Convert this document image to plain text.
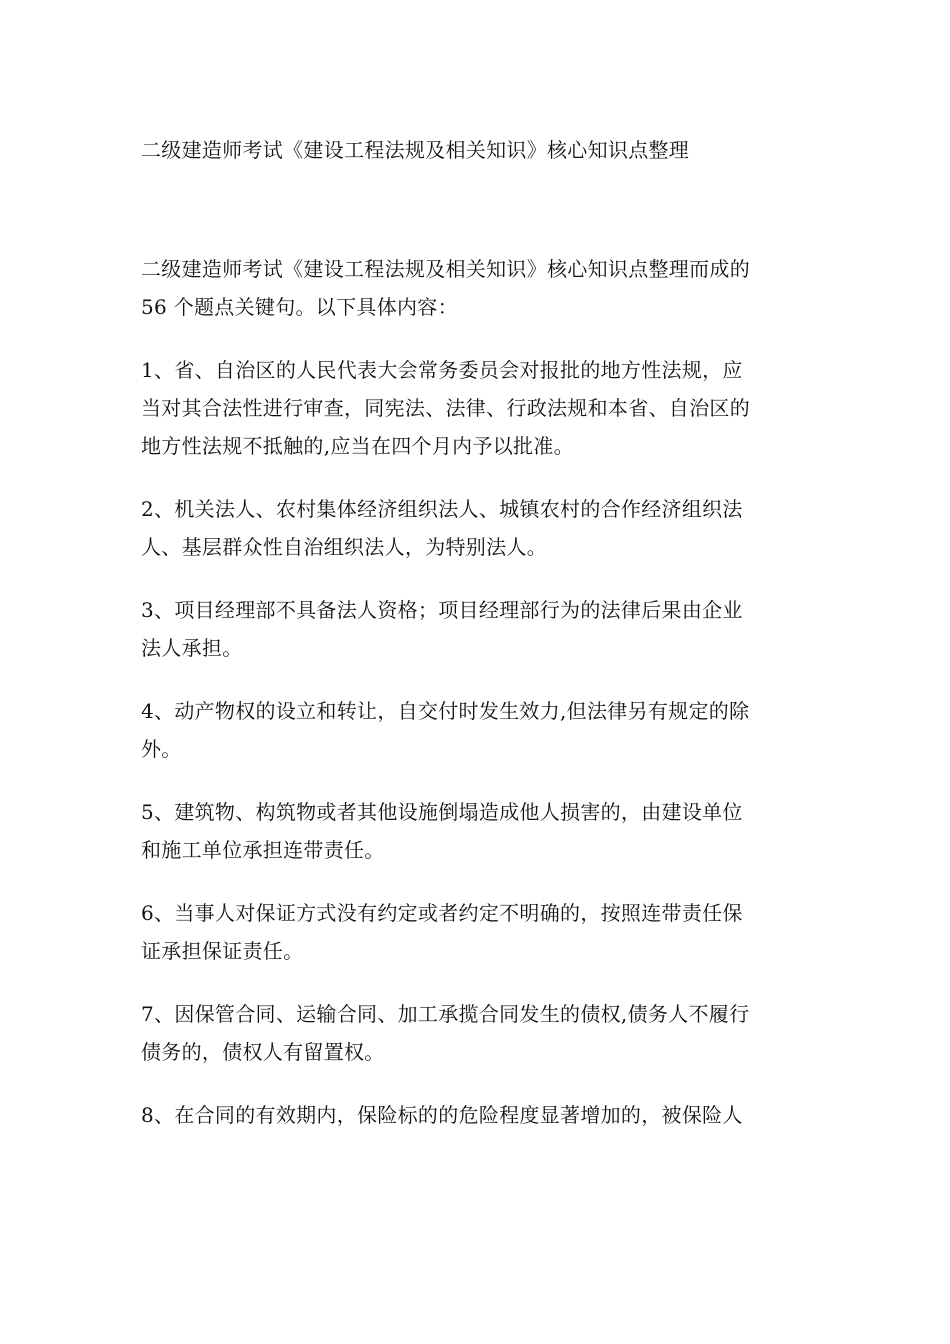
二级建造师考试《建设工程法规及相关知识》核心知识点整理

二级建造师考试《建设工程法规及相关知识》核心知识点整理而成的
56 个题点关键句。以下具体内容：

1、省、自治区的人民代表大会常务委员会对报批的地方性法规，应
当对其合法性进行审查，同宪法、法律、行政法规和本省、自治区的
地方性法规不抵触的,应当在四个月内予以批准。

2、机关法人、农村集体经济组织法人、城镇农村的合作经济组织法
人、基层群众性自治组织法人，为特别法人。

3、项目经理部不具备法人资格；项目经理部行为的法律后果由企业
法人承担。

4、动产物权的设立和转让，自交付时发生效力,但法律另有规定的除
外。

5、建筑物、构筑物或者其他设施倒塌造成他人损害的，由建设单位
和施工单位承担连带责任。

6、当事人对保证方式没有约定或者约定不明确的，按照连带责任保
证承担保证责任。

7、因保管合同、运输合同、加工承揽合同发生的债权,债务人不履行
债务的，债权人有留置权。

8、在合同的有效期内，保险标的的危险程度显著增加的，被保险人
